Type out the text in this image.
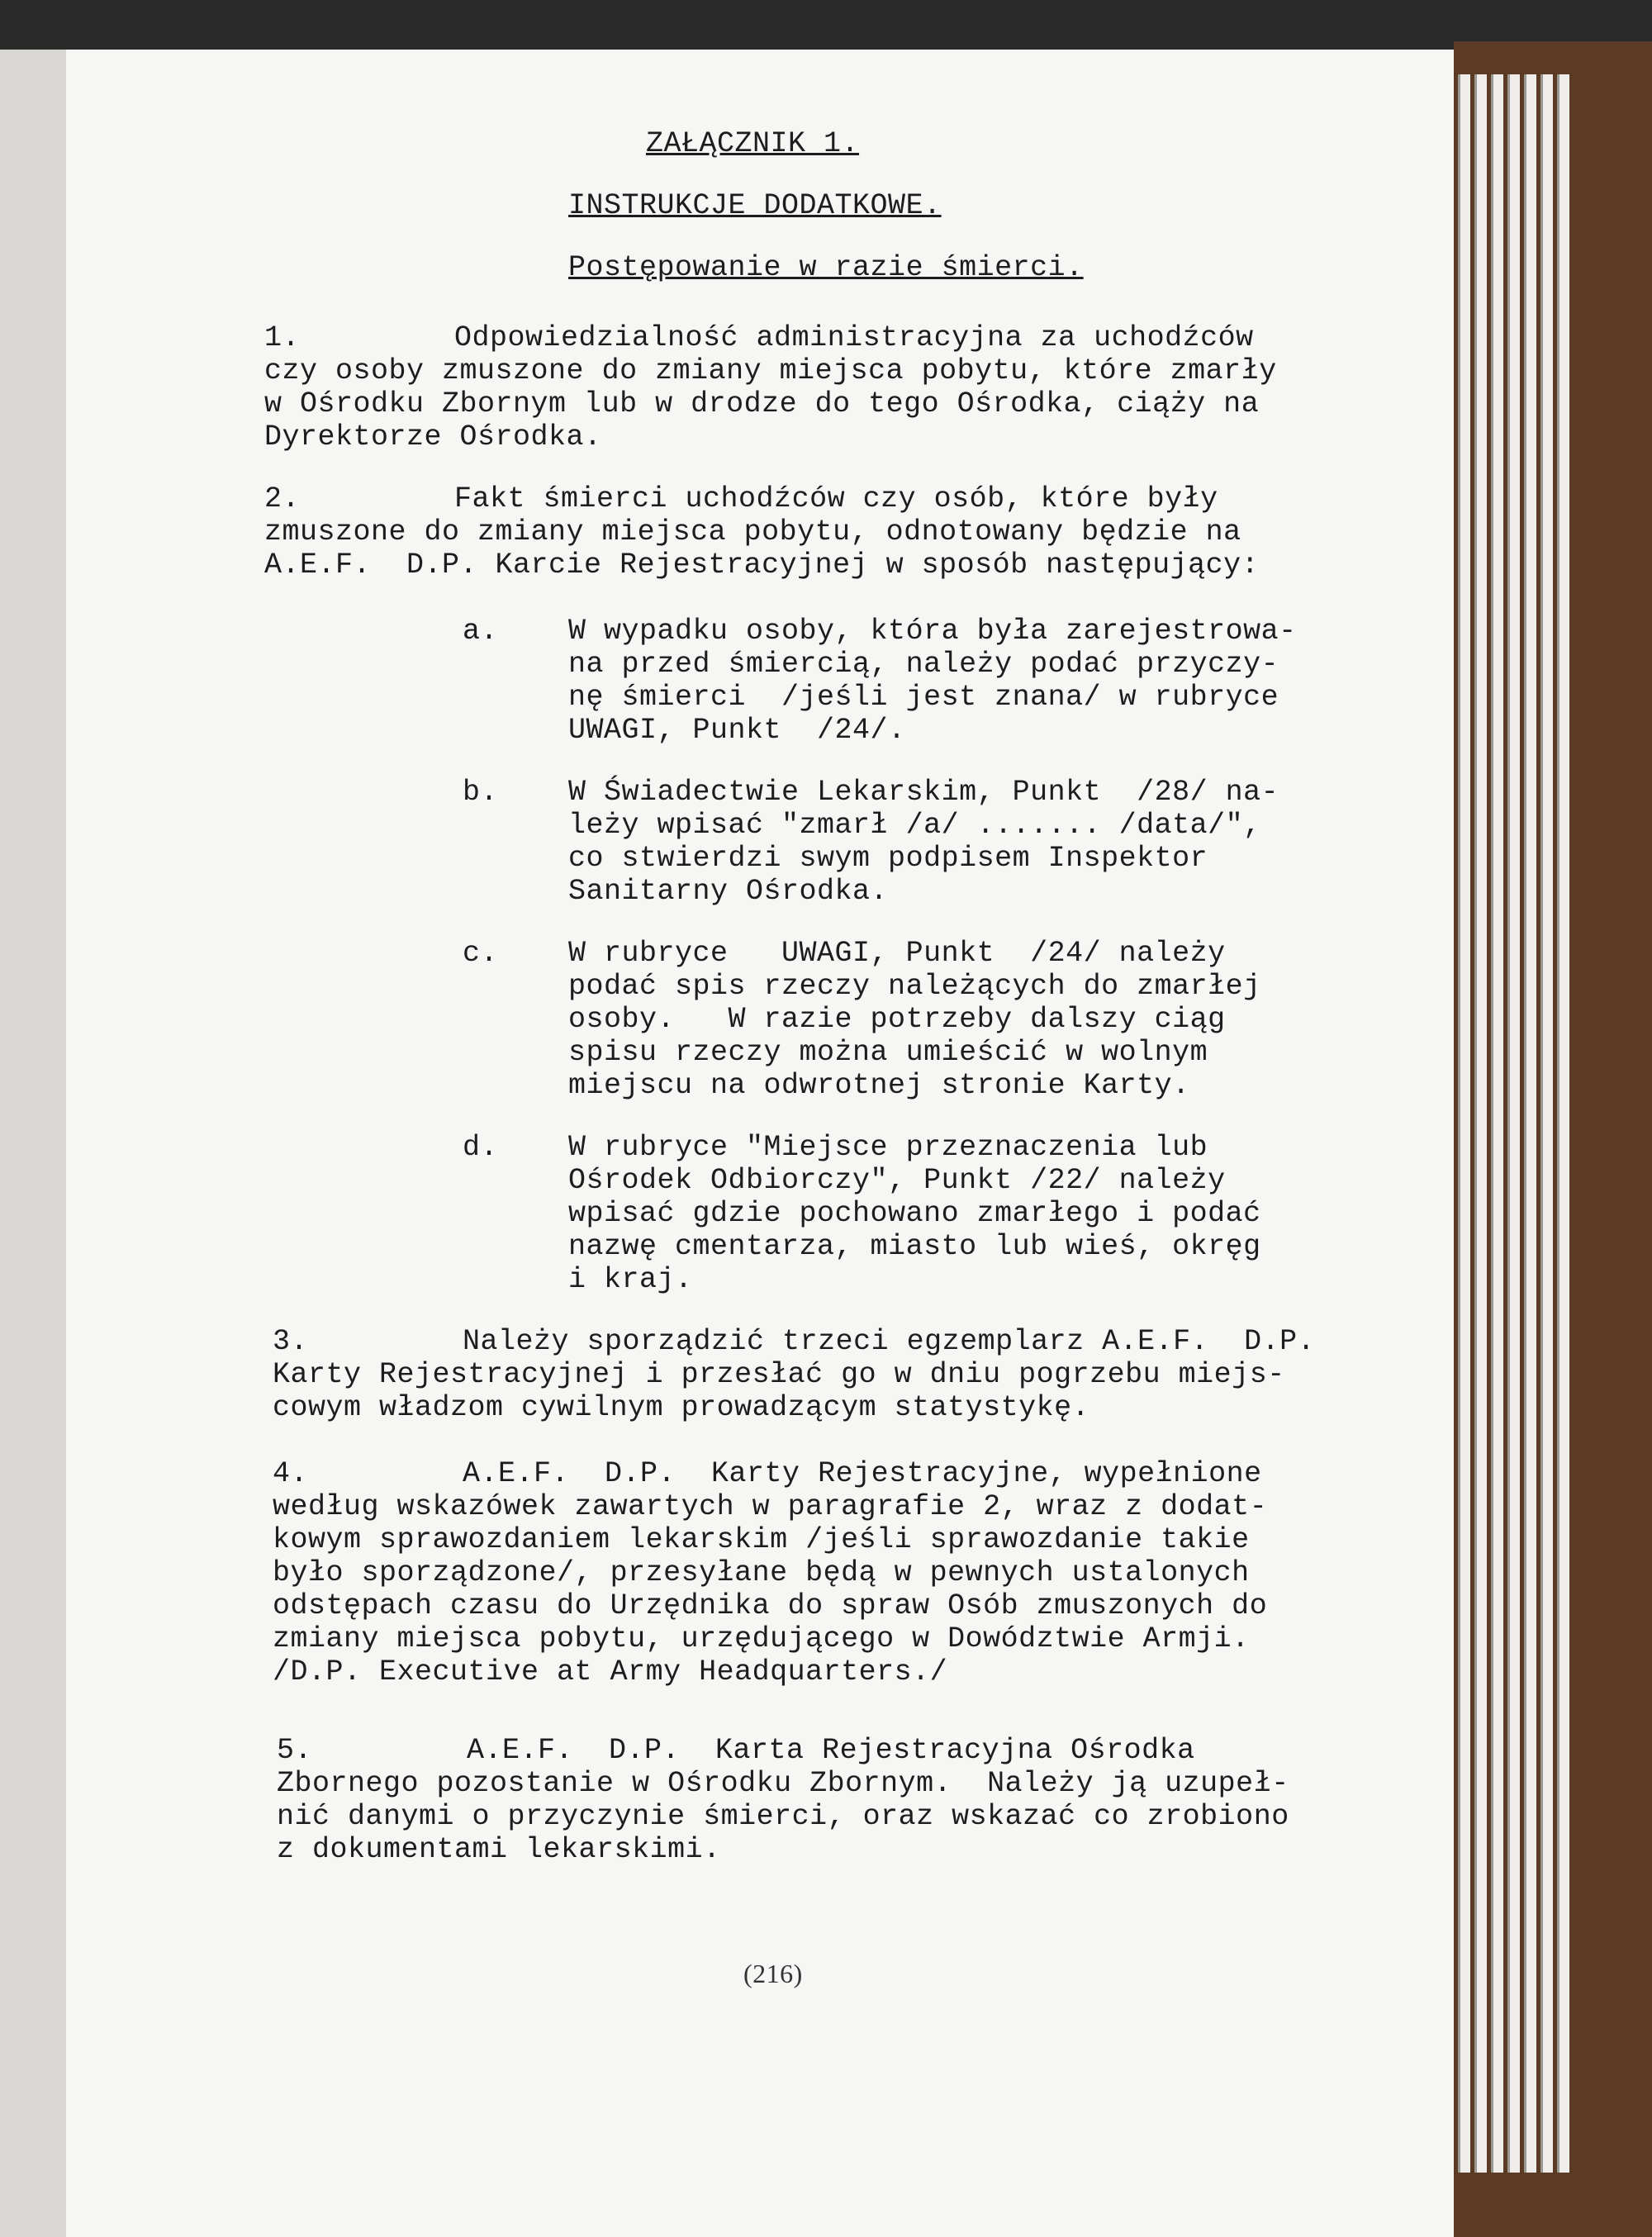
ZAŁĄCZNIK 1.
INSTRUKCJE DODATKOWE.
Postępowanie w razie śmierci.
1.	Odpowiedzialność administracyjna za uchodźców
czy osoby zmuszone do zmiany miejsca pobytu, które zmarły
w Ośrodku Zbornym lub w drodze do tego Ośrodka, ciąży na
Dyrektorze Ośrodka.
2.	Fakt śmierci uchodźców czy osób, które były
zmuszone do zmiany miejsca pobytu, odnotowany będzie na
A.E.F.  D.P. Karcie Rejestracyjnej w sposób następujący:
a. W wypadku osoby, która była zarejestrowa-
na przed śmiercią, należy podać przyczy-
nę śmierci  /jeśli jest znana/ w rubryce
UWAGI, Punkt  /24/.
b. W Świadectwie Lekarskim, Punkt  /28/ na-
leży wpisać "zmarł /a/ ....... /data/",
co stwierdzi swym podpisem Inspektor
Sanitarny Ośrodka.
c. W rubryce   UWAGI, Punkt  /24/ należy
podać spis rzeczy należących do zmarłej
osoby.   W razie potrzeby dalszy ciąg
spisu rzeczy można umieścić w wolnym
miejscu na odwrotnej stronie Karty.
d. W rubryce "Miejsce przeznaczenia lub
Ośrodek Odbiorczy", Punkt /22/ należy
wpisać gdzie pochowano zmarłego i podać
nazwę cmentarza, miasto lub wieś, okręg
i kraj.
3.	Należy sporządzić trzeci egzemplarz A.E.F.  D.P.
Karty Rejestracyjnej i przesłać go w dniu pogrzebu miejs-
cowym władzom cywilnym prowadzącym statystykę.
4.	A.E.F.  D.P.  Karty Rejestracyjne, wypełnione
według wskazówek zawartych w paragrafie 2, wraz z dodat-
kowym sprawozdaniem lekarskim /jeśli sprawozdanie takie
było sporządzone/, przesyłane będą w pewnych ustalonych
odstępach czasu do Urzędnika do spraw Osób zmuszonych do
zmiany miejsca pobytu, urzędującego w Dowództwie Armji.
/D.P. Executive at Army Headquarters./
5.	A.E.F.  D.P.  Karta Rejestracyjna Ośrodka
Zbornego pozostanie w Ośrodku Zbornym.  Należy ją uzupeł-
nić danymi o przyczynie śmierci, oraz wskazać co zrobiono
z dokumentami lekarskimi.
(216)
